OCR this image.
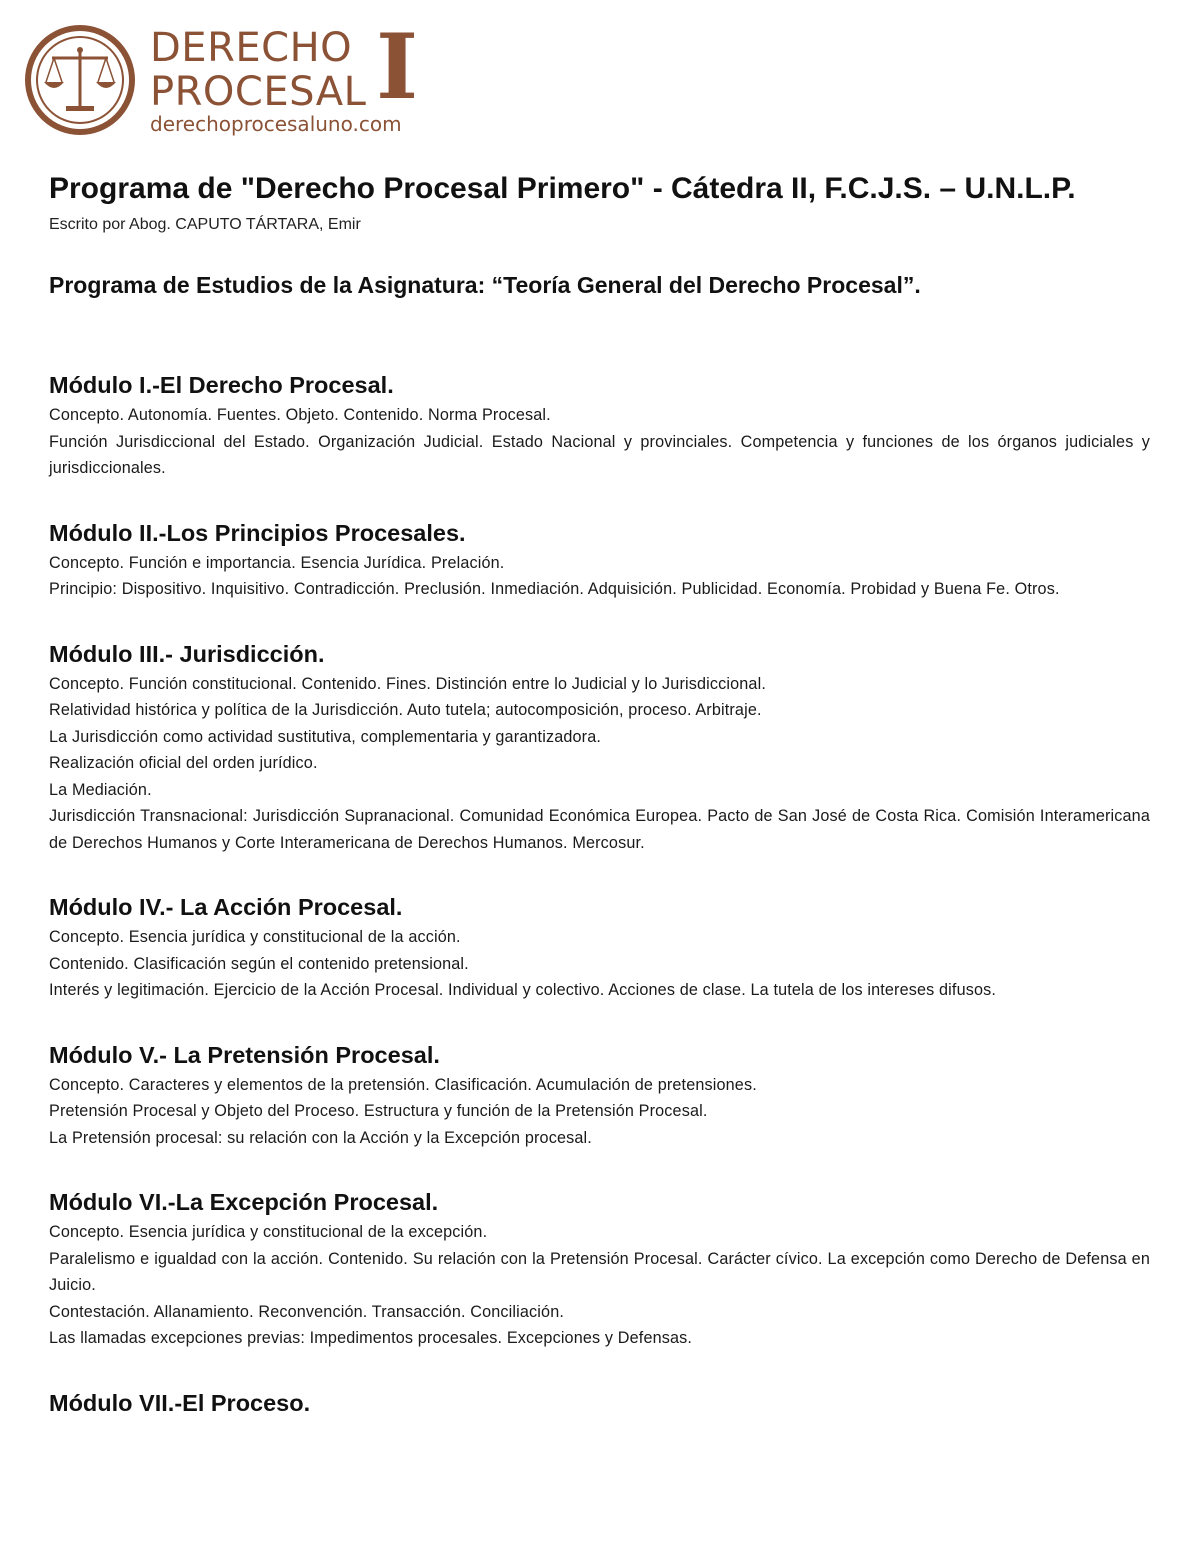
DERECHO
PROCESAL I
derechoprocesaluno.com
Programa de "Derecho Procesal Primero" - Cátedra II, F.C.J.S. – U.N.L.P.

Escrito por Abog. CAPUTO TÁRTARA, Emir

Programa de Estudios de la Asignatura: “Teoría General del Derecho Procesal”.
Módulo I.-El Derecho Procesal.

Concepto. Autonomía. Fuentes. Objeto. Contenido. Norma Procesal.

Función Jurisdiccional del Estado. Organización Judicial. Estado Nacional y provinciales. Competencia y funciones de los órganos judiciales y jurisdiccionales.

Módulo II.-Los Principios Procesales.

Concepto. Función e importancia. Esencia Jurídica. Prelación.

Principio: Dispositivo. Inquisitivo. Contradicción. Preclusión. Inmediación. Adquisición. Publicidad. Economía. Probidad y Buena Fe. Otros.

Módulo III.- Jurisdicción.

Concepto. Función constitucional. Contenido. Fines. Distinción entre lo Judicial y lo Jurisdiccional.

Relatividad histórica y política de la Jurisdicción. Auto tutela; autocomposición, proceso. Arbitraje.

La Jurisdicción como actividad sustitutiva, complementaria y garantizadora.

Realización oficial del orden jurídico.

La Mediación.

Jurisdicción Transnacional: Jurisdicción Supranacional. Comunidad Económica Europea. Pacto de San José de Costa Rica. Comisión Interamericana de Derechos Humanos y Corte Interamericana de Derechos Humanos. Mercosur.

Módulo IV.- La Acción Procesal.

Concepto. Esencia jurídica y constitucional de la acción.

Contenido. Clasificación según el contenido pretensional.

Interés y legitimación. Ejercicio de la Acción Procesal. Individual y colectivo. Acciones de clase. La tutela de los intereses difusos.

Módulo V.- La Pretensión Procesal.

Concepto. Caracteres y elementos de la pretensión. Clasificación. Acumulación de pretensiones.

Pretensión Procesal y Objeto del Proceso. Estructura y función de la Pretensión Procesal.

La Pretensión procesal: su relación con la Acción y la Excepción procesal.

Módulo VI.-La Excepción Procesal.

Concepto. Esencia jurídica y constitucional de la excepción.

Paralelismo e igualdad con la acción. Contenido. Su relación con la Pretensión Procesal. Carácter cívico. La excepción como Derecho de Defensa en Juicio.

Contestación. Allanamiento. Reconvención. Transacción. Conciliación.

Las llamadas excepciones previas: Impedimentos procesales. Excepciones y Defensas.

Módulo VII.-El Proceso.
